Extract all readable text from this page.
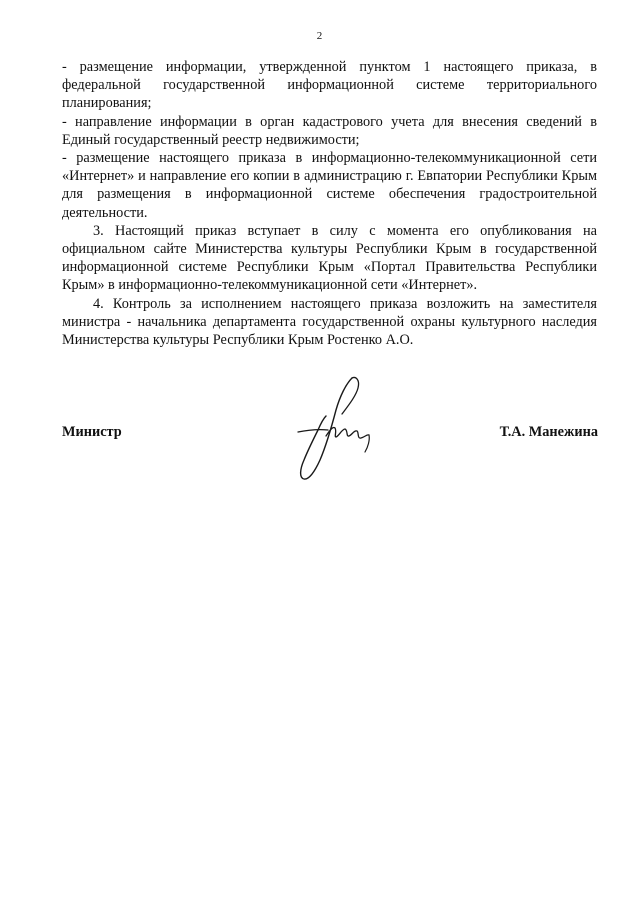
2

- размещение информации, утвержденной пунктом 1 настоящего приказа, в федеральной государственной информационной системе территориального планирования;

- направление информации в орган кадастрового учета для внесения сведений в Единый государственный реестр недвижимости;

- размещение настоящего приказа в информационно-телекоммуникационной сети «Интернет» и направление его копии в администрацию г. Евпатории Республики Крым для размещения в информационной системе обеспечения градостроительной деятельности.

3. Настоящий приказ вступает в силу с момента его опубликования на официальном сайте Министерства культуры Республики Крым в государственной информационной системе Республики Крым «Портал Правительства Республики Крым» в информационно-телекоммуникационной сети «Интернет».

4. Контроль за исполнением настоящего приказа возложить на заместителя министра - начальника департамента государственной охраны культурного наследия Министерства культуры Республики Крым Ростенко А.О.

Министр	Т.А. Манежина
